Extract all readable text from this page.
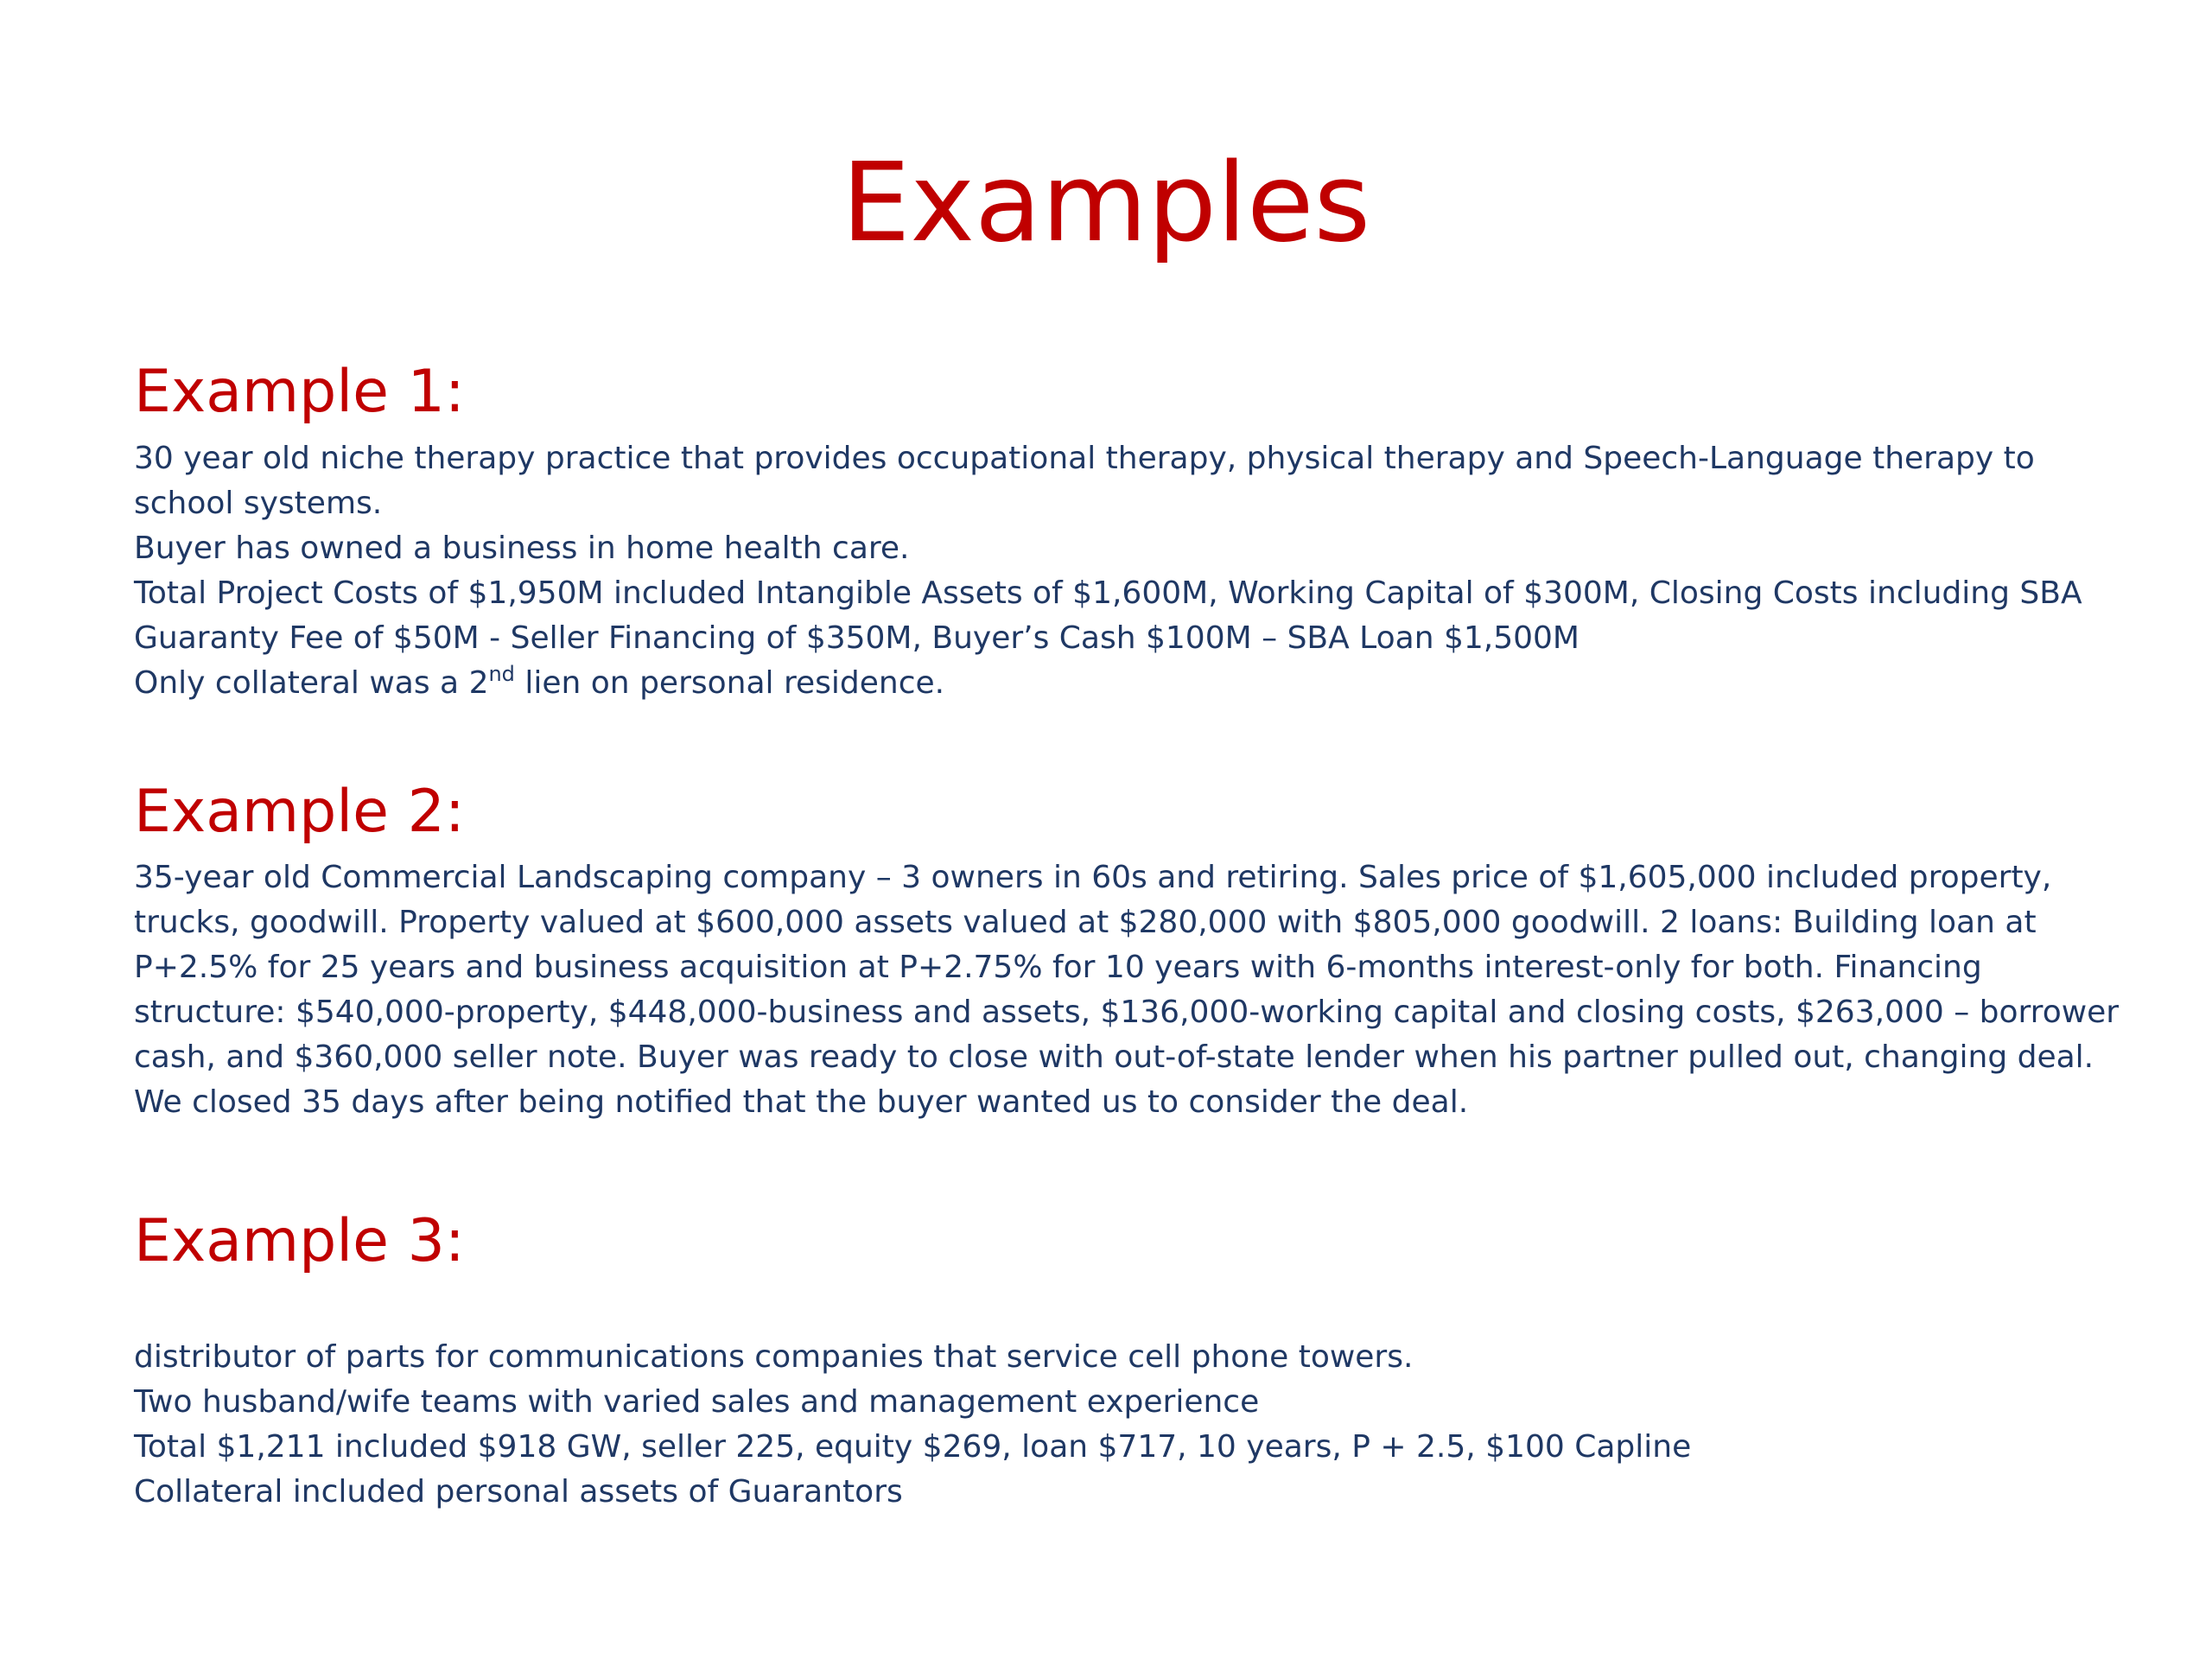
Examples
Example 1:
30 year old niche therapy practice that provides occupational therapy, physical therapy and Speech-Language therapy to school systems.
Buyer has owned a business in home health care.
Total Project Costs of $1,950M included Intangible Assets of $1,600M, Working Capital of $300M, Closing Costs including SBA Guaranty Fee of $50M - Seller Financing of $350M, Buyer’s Cash $100M – SBA Loan $1,500M
Only collateral was a 2nd lien on personal residence.
Example 2:
35-year old Commercial Landscaping company – 3 owners in 60s and retiring. Sales price of $1,605,000 included property, trucks, goodwill. Property valued at $600,000 assets valued at $280,000 with $805,000 goodwill. 2 loans: Building loan at P+2.5% for 25 years and business acquisition at P+2.75% for 10 years with 6-months interest-only for both. Financing structure: $540,000-property, $448,000-business and assets, $136,000-working capital and closing costs, $263,000 – borrower cash, and $360,000 seller note. Buyer was ready to close with out-of-state lender when his partner pulled out, changing deal. We closed 35 days after being notified that the buyer wanted us to consider the deal.
Example 3:
distributor of parts for communications companies that service cell phone towers.
Two husband/wife teams with varied sales and management experience
Total $1,211 included $918 GW, seller 225, equity $269, loan $717, 10 years, P + 2.5, $100 Capline
Collateral included personal assets of Guarantors
